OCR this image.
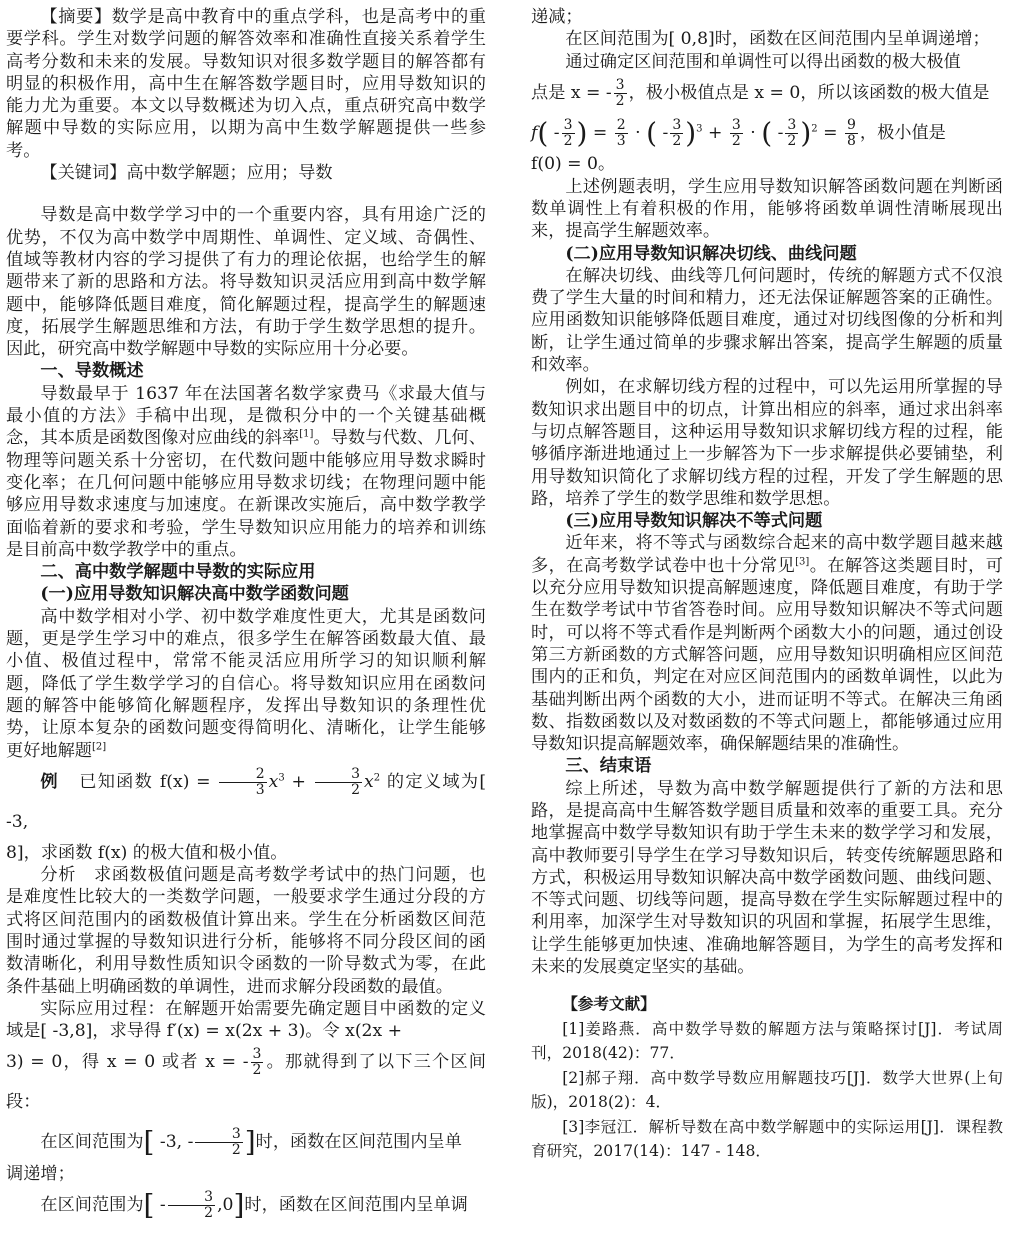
【摘要】数学是高中教育中的重点学科，也是高考中的重要学科。学生对数学问题的解答效率和准确性直接关系着学生高考分数和未来的发展。导数知识对很多数学题目的解答都有明显的积极作用，高中生在解答数学题目时，应用导数知识的能力尤为重要。本文以导数概述为切入点，重点研究高中数学解题中导数的实际应用，以期为高中生数学解题提供一些参考。

【关键词】高中数学解题；应用；导数

导数是高中数学学习中的一个重要内容，具有用途广泛的优势，不仅为高中数学中周期性、单调性、定义域、奇偶性、值域等教材内容的学习提供了有力的理论依据，也给学生的解题带来了新的思路和方法。将导数知识灵活应用到高中数学解题中，能够降低题目难度，简化解题过程，提高学生的解题速度，拓展学生解题思维和方法，有助于学生数学思想的提升。因此，研究高中数学解题中导数的实际应用十分必要。

一、导数概述

导数最早于 1637 年在法国著名数学家费马《求最大值与最小值的方法》手稿中出现，是微积分中的一个关键基础概念，其本质是函数图像对应曲线的斜率[1]。导数与代数、几何、物理等问题关系十分密切，在代数问题中能够应用导数求瞬时变化率；在几何问题中能够应用导数求切线；在物理问题中能够应用导数求速度与加速度。在新课改实施后，高中数学教学面临着新的要求和考验，学生导数知识应用能力的培养和训练是目前高中数学教学中的重点。

二、高中数学解题中导数的实际应用

(一)应用导数知识解决高中数学函数问题

高中数学相对小学、初中数学难度性更大，尤其是函数问题，更是学生学习中的难点，很多学生在解答函数最大值、最小值、极值过程中，常常不能灵活应用所学习的知识顺利解题，降低了学生数学学习的自信心。将导数知识应用在函数问题的解答中能够简化解题程序，发挥出导数知识的条理性优势，让原本复杂的函数问题变得简明化、清晰化，让学生能够更好地解题[2]

例 已知函数 $f(x) = \frac{2}{3} x^3 + \frac{3}{2} x^2$ 的定义域为[ -3,

8]，求函数 f(x) 的极大值和极小值。

分析　求函数极值问题是高考数学考试中的热门问题，也是难度性比较大的一类数学问题，一般要求学生通过分段的方式将区间范围内的函数极值计算出来。学生在分析函数区间范围时通过掌握的导数知识进行分析，能够将不同分段区间的函数清晰化，利用导数性质知识令函数的一阶导数式为零，在此条件基础上明确函数的单调性，进而求解分段函数的最值。

实际应用过程：在解题开始需要先确定题目中函数的定义域是[ -3,8]，求导得 f′(x) = x(2x + 3)。令 x(2x +

3) = 0，得 x = 0 或者 x = - $\frac{3}{2}$ 。那就得到了以下三个区间段：

在区间范围为[ -3, - $\frac{3}{2}$ ]时，函数在区间范围内呈单

调递增；

在区间范围为[ - $\frac{3}{2} ,0$]时，函数在区间范围内呈单调

递减；

在区间范围为[ 0,8]时，函数在区间范围内呈单调递增；

通过确定区间范围和单调性可以得出函数的极大极值

点是 x = - $\frac{3}{2}$ ，极小极值点是 x = 0，所以该函数的极大值是

$f( - \frac{3}{2}$ ) = $\frac{2}{3}$ · ( - $\frac{3}{2} )^3 + \frac{3}{2}$ · ( - $\frac{3}{2} )^2 = \frac{9}{8}$ ，极小值是

f(0) = 0。

上述例题表明，学生应用导数知识解答函数问题在判断函数单调性上有着积极的作用，能够将函数单调性清晰展现出来，提高学生解题效率。

(二)应用导数知识解决切线、曲线问题

在解决切线、曲线等几何问题时，传统的解题方式不仅浪费了学生大量的时间和精力，还无法保证解题答案的正确性。应用函数知识能够降低题目难度，通过对切线图像的分析和判断，让学生通过简单的步骤求解出答案，提高学生解题的质量和效率。

例如，在求解切线方程的过程中，可以先运用所掌握的导数知识求出题目中的切点，计算出相应的斜率，通过求出斜率与切点解答题目，这种运用导数知识求解切线方程的过程，能够循序渐进地通过上一步解答为下一步求解提供必要铺垫，利用导数知识简化了求解切线方程的过程，开发了学生解题的思路，培养了学生的数学思维和数学思想。

(三)应用导数知识解决不等式问题

近年来，将不等式与函数综合起来的高中数学题目越来越多，在高考数学试卷中也十分常见[3]。在解答这类题目时，可以充分应用导数知识提高解题速度，降低题目难度，有助于学生在数学考试中节省答卷时间。应用导数知识解决不等式问题时，可以将不等式看作是判断两个函数大小的问题，通过创设第三方新函数的方式解答问题，应用导数知识明确相应区间范围内的正和负，判定在对应区间范围内的函数单调性，以此为基础判断出两个函数的大小，进而证明不等式。在解决三角函数、指数函数以及对数函数的不等式问题上，都能够通过应用导数知识提高解题效率，确保解题结果的准确性。

三、结束语

综上所述，导数为高中数学解题提供行了新的方法和思路，是提高高中生解答数学题目质量和效率的重要工具。充分地掌握高中数学导数知识有助于学生未来的数学学习和发展，高中教师要引导学生在学习导数知识后，转变传统解题思路和方式，积极运用导数知识解决高中数学函数问题、曲线问题、不等式问题、切线等问题，提高导数在学生实际解题过程中的利用率，加深学生对导数知识的巩固和掌握，拓展学生思维，让学生能够更加快速、准确地解答题目，为学生的高考发挥和未来的发展奠定坚实的基础。

【参考文献】

[1]姜路燕．高中数学导数的解题方法与策略探讨[J]．考试周刊，2018(42)：77．

[2]郝子翔．高中数学导数应用解题技巧[J]．数学大世界(上旬版)，2018(2)：4．

[3]李冠江．解析导数在高中数学解题中的实际运用[J]．课程教育研究，2017(14)：147 - 148．
